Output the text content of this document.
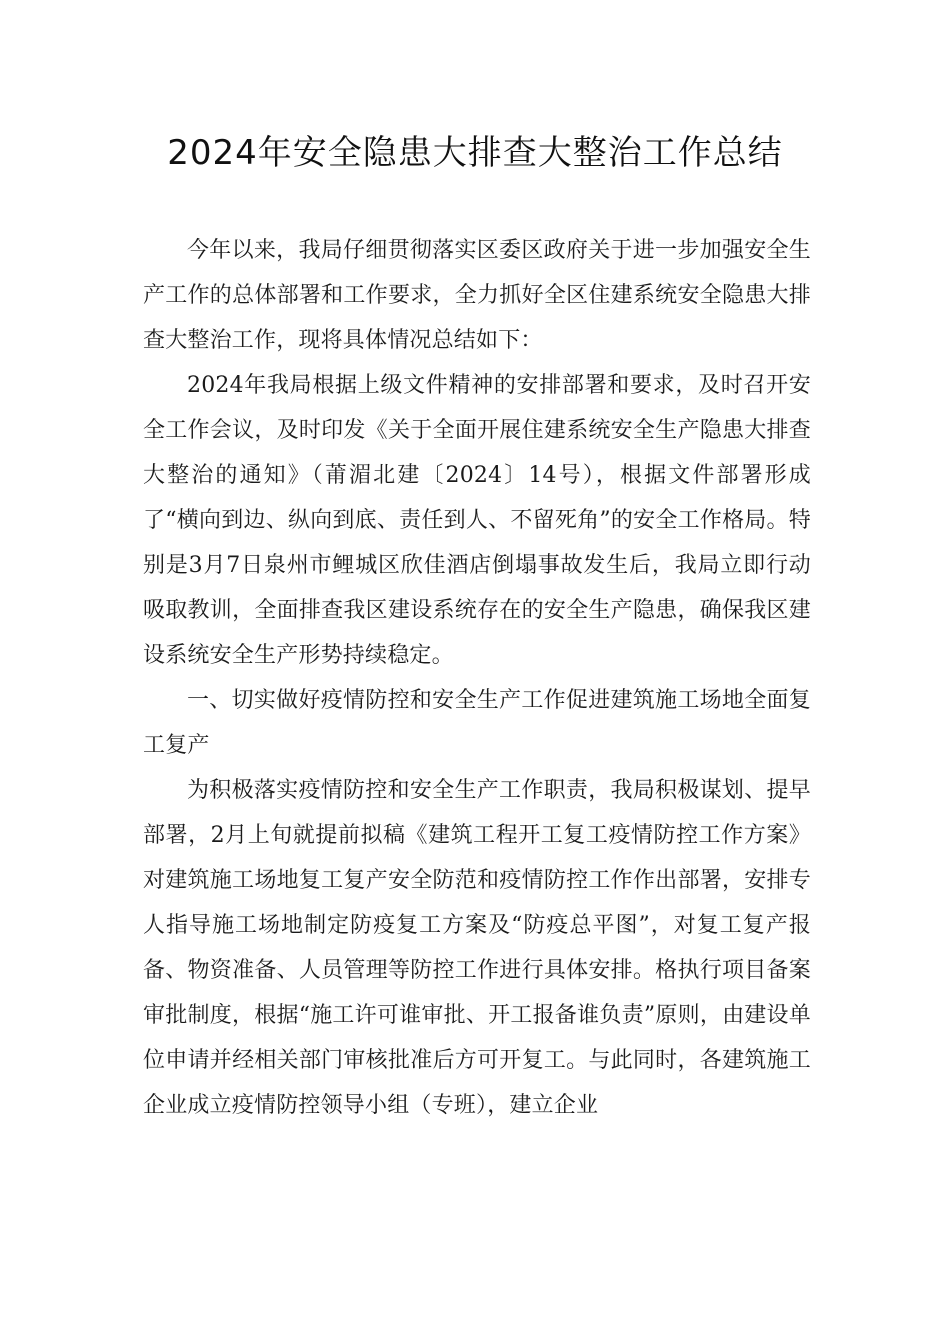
2024年安全隐患大排查大整治工作总结

今年以来，我局仔细贯彻落实区委区政府关于进一步加强安全生产工作的总体部署和工作要求，全力抓好全区住建系统安全隐患大排查大整治工作，现将具体情况总结如下：

2024年我局根据上级文件精神的安排部署和要求，及时召开安全工作会议，及时印发《关于全面开展住建系统安全生产隐患大排查大整治的通知》（莆湄北建〔2024〕14号），根据文件部署形成了“横向到边、纵向到底、责任到人、不留死角”的安全工作格局。特别是3月7日泉州市鲤城区欣佳酒店倒塌事故发生后，我局立即行动吸取教训，全面排查我区建设系统存在的安全生产隐患，确保我区建设系统安全生产形势持续稳定。

一、切实做好疫情防控和安全生产工作促进建筑施工场地全面复工复产

为积极落实疫情防控和安全生产工作职责，我局积极谋划、提早部署，2月上旬就提前拟稿《建筑工程开工复工疫情防控工作方案》对建筑施工场地复工复产安全防范和疫情防控工作作出部署，安排专人指导施工场地制定防疫复工方案及“防疫总平图”，对复工复产报备、物资准备、人员管理等防控工作进行具体安排。格执行项目备案审批制度，根据“施工许可谁审批、开工报备谁负责”原则，由建设单位申请并经相关部门审核批准后方可开复工。与此同时，各建筑施工企业成立疫情防控领导小组（专班），建立企业
